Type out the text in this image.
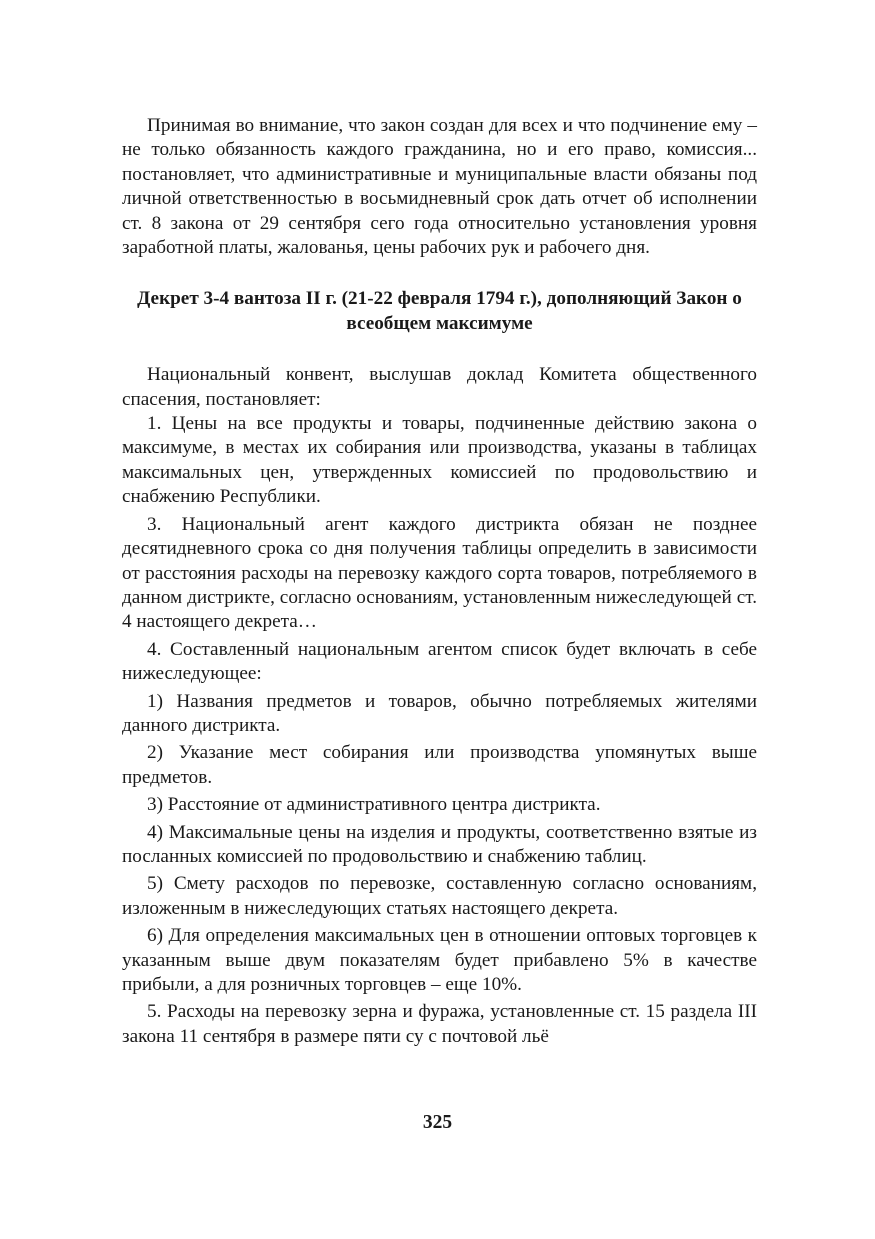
Принимая во внимание, что закон создан для всех и что подчинение ему – не только обязанность каждого гражданина, но и его право, комиссия... постановляет, что административные и муниципальные власти обязаны под личной ответственностью в восьмидневный срок дать отчет об исполнении ст. 8 закона от 29 сентября сего года относительно установления уровня заработной платы, жалованья, цены рабочих рук и рабочего дня.

Декрет 3-4 вантоза II г. (21-22 февраля 1794 г.), дополняющий Закон о всеобщем максимуме

Национальный конвент, выслушав доклад Комитета общественного спасения, постановляет:

1. Цены на все продукты и товары, подчиненные действию закона о максимуме, в местах их собирания или производства, указаны в таблицах максимальных цен, утвержденных комиссией по продовольствию и снабжению Республики.

3. Национальный агент каждого дистрикта обязан не позднее десятидневного срока со дня получения таблицы определить в зависимости от расстояния расходы на перевозку каждого сорта товаров, потребляемого в данном дистрикте, согласно основаниям, установленным нижеследующей ст. 4 настоящего декрета…

4. Составленный национальным агентом список будет включать в себе нижеследующее:

1) Названия предметов и товаров, обычно потребляемых жителями данного дистрикта.

2) Указание мест собирания или производства упомянутых выше предметов.

3) Расстояние от административного центра дистрикта.

4) Максимальные цены на изделия и продукты, соответственно взятые из посланных комиссией по продовольствию и снабжению таблиц.

5) Смету расходов по перевозке, составленную согласно основаниям, изложенным в нижеследующих статьях настоящего декрета.

6) Для определения максимальных цен в отношении оптовых торговцев к указанным выше двум показателям будет прибавлено 5% в качестве прибыли, а для розничных торговцев – еще 10%.

5. Расходы на перевозку зерна и фуража, установленные ст. 15 раздела III закона 11 сентября в размере пяти су с почтовой льё

325
